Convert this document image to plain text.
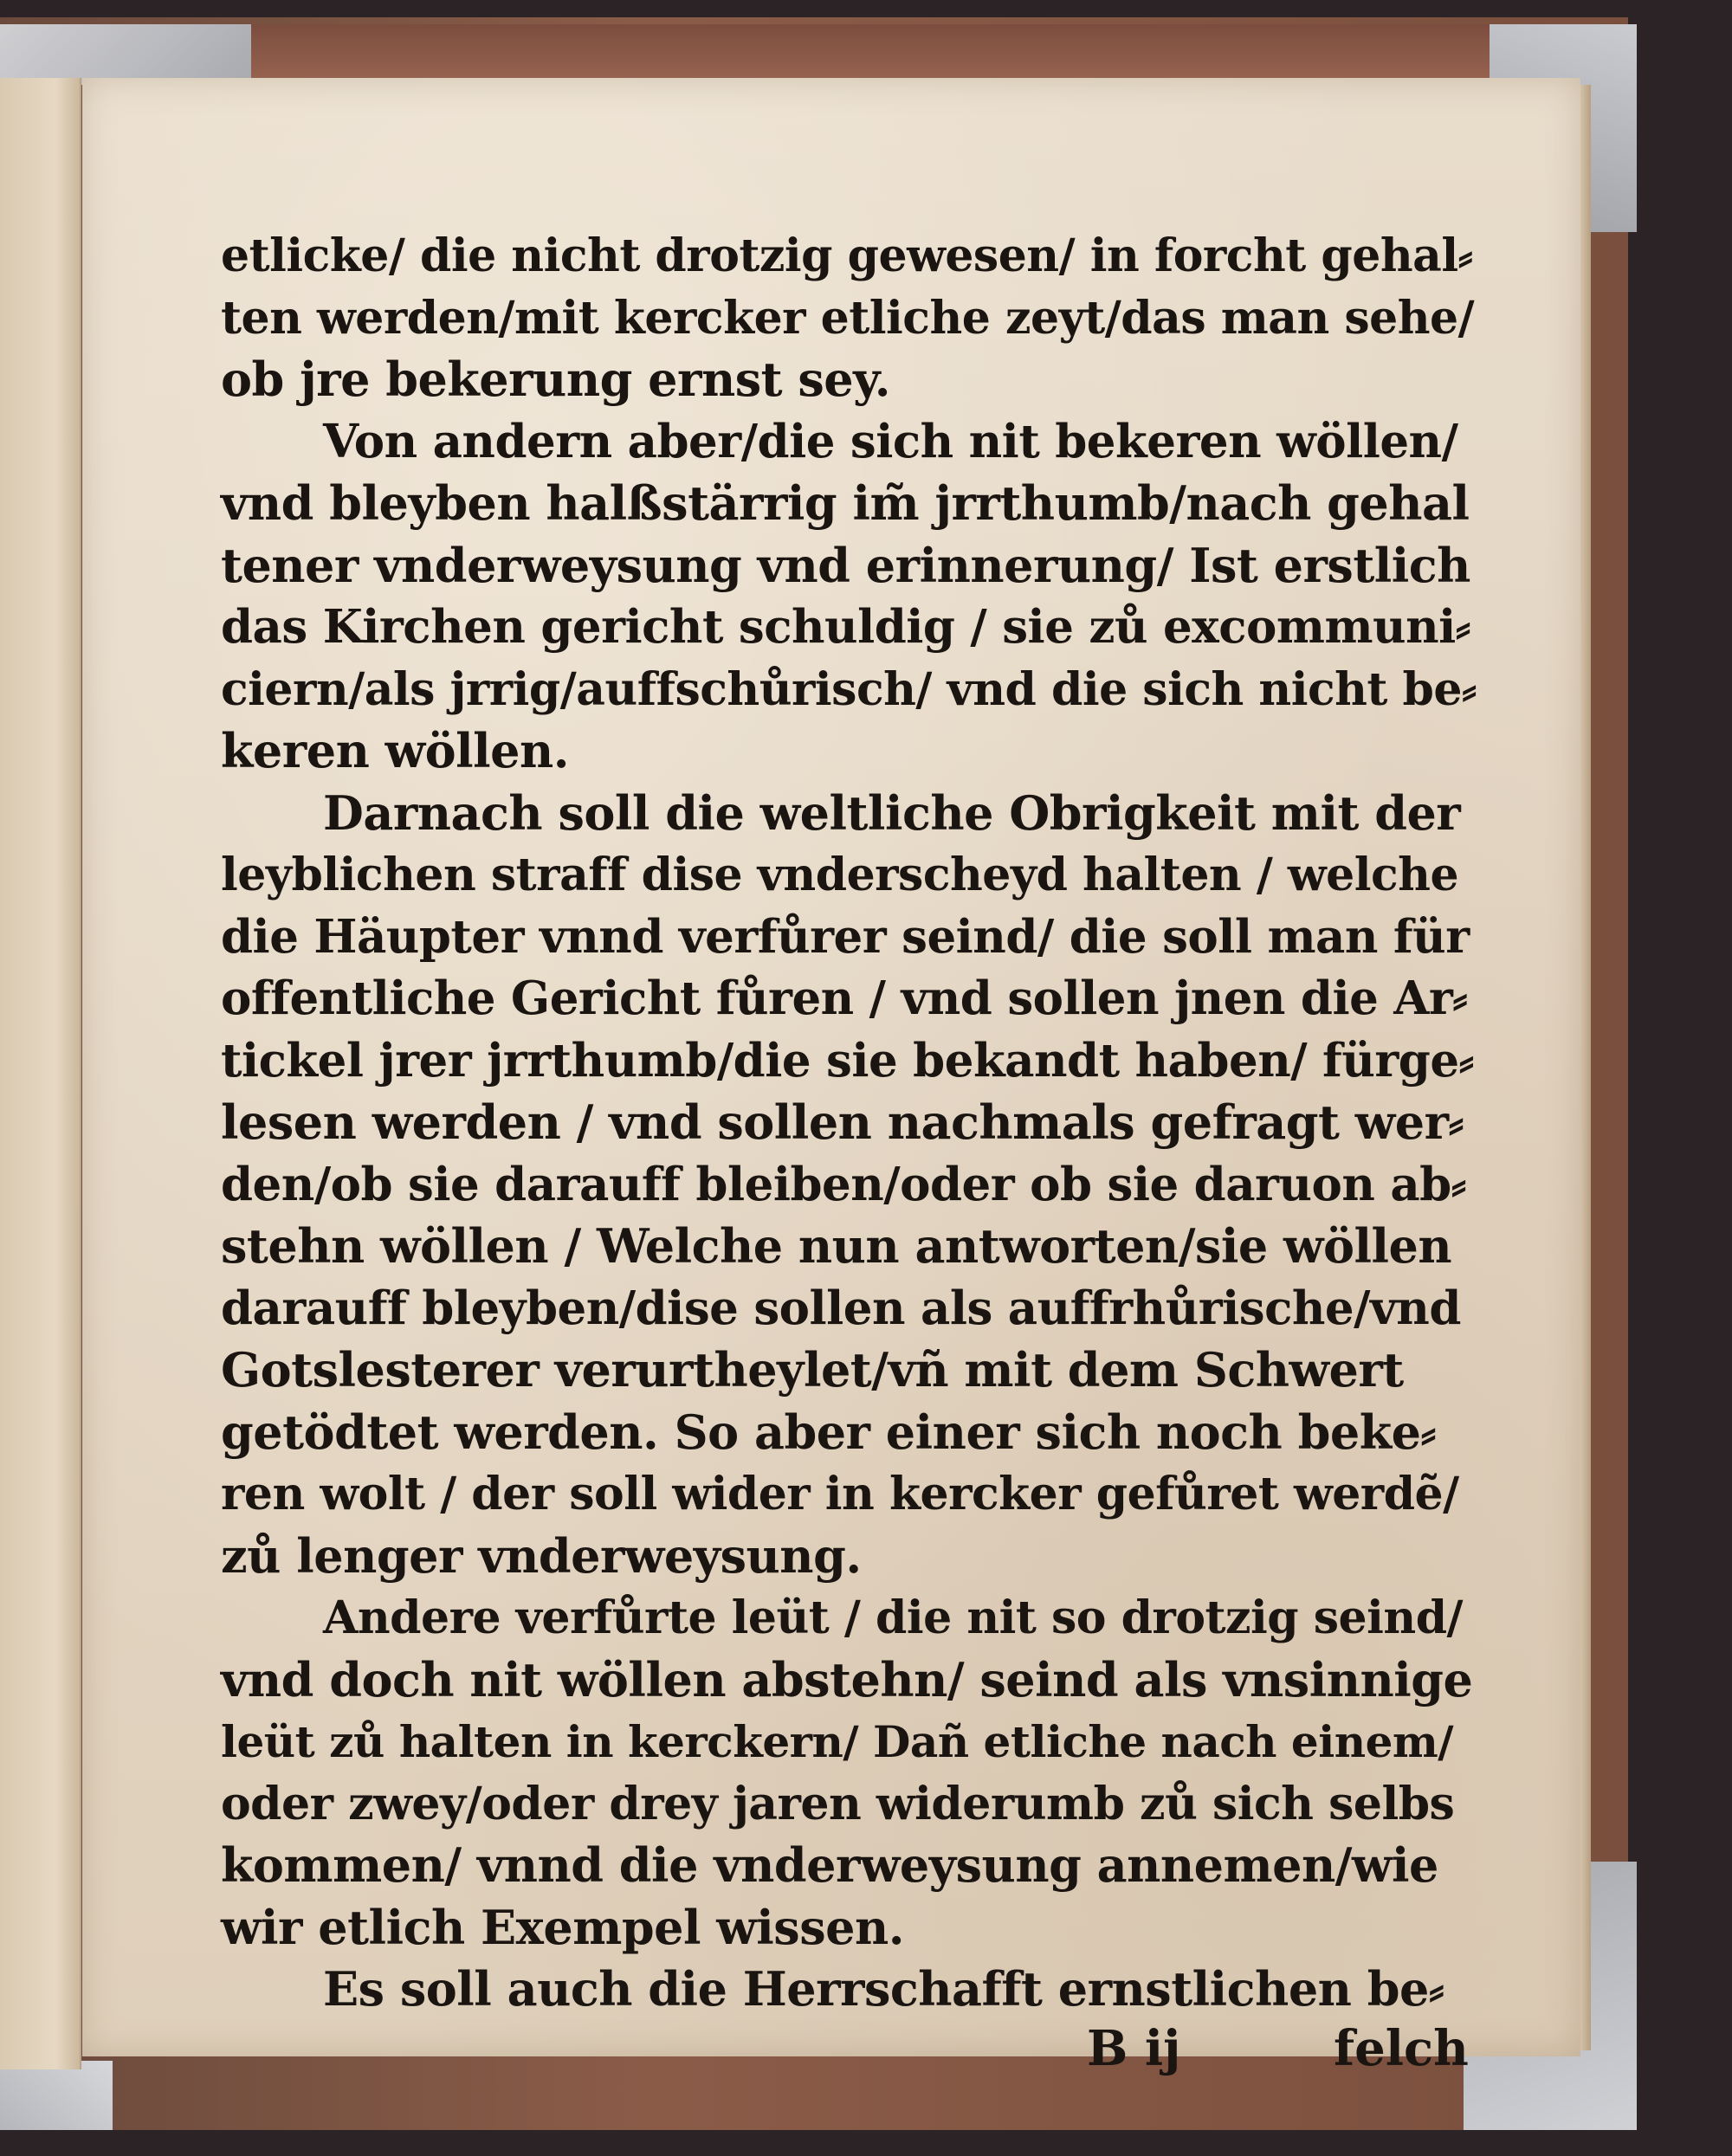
etlicke/ die nicht drotzig gewesen/ in forcht gehal⸗
ten werden/mit kercker etliche zeyt/das man sehe/
ob jre bekerung ernst sey.
Von andern aber/die sich nit bekeren wöllen/
vnd bleyben halßstärrig im̃ jrrthumb/nach gehal
tener vnderweysung vnd erinnerung/ Ist erstlich
das Kirchen gericht schuldig / sie zů excommuni⸗
ciern/als jrrig/auffschůrisch/ vnd die sich nicht be⸗
keren wöllen.
Darnach soll die weltliche Obrigkeit mit der
leyblichen straff dise vnderscheyd halten / welche
die Häupter vnnd verfůrer seind/ die soll man für
offentliche Gericht fůren / vnd sollen jnen die Ar⸗
tickel jrer jrrthumb/die sie bekandt haben/ fürge⸗
lesen werden / vnd sollen nachmals gefragt wer⸗
den/ob sie darauff bleiben/oder ob sie daruon ab⸗
stehn wöllen / Welche nun antworten/sie wöllen
darauff bleyben/dise sollen als auffrhůrische/vnd
Gotslesterer verurtheylet/vñ mit dem Schwert
getödtet werden. So aber einer sich noch beke⸗
ren wolt / der soll wider in kercker gefůret werdẽ/
zů lenger vnderweysung.
Andere verfůrte leüt / die nit so drotzig seind/
vnd doch nit wöllen abstehn/ seind als vnsinnige
leüt zů halten in kerckern/ Dañ etliche nach einem/
oder zwey/oder drey jaren widerumb zů sich selbs
kommen/ vnnd die vnderweysung annemen/wie
wir etlich Exempel wissen.
Es soll auch die Herrschafft ernstlichen be⸗
B ij	felch
